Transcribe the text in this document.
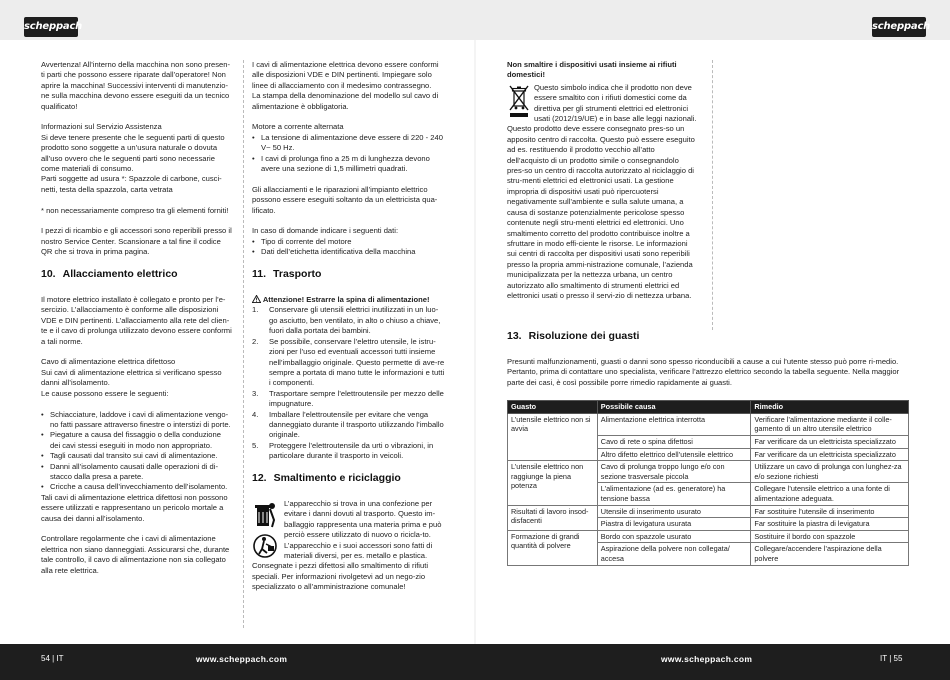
scheppach	scheppach

Avvertenza! All’interno della macchina non sono presen-ti parti che possono essere riparate dall’operatore! Non aprire la macchina! Successivi interventi di manutenzio-ne sulla macchina devono essere eseguiti da un tecnico qualificato!

Informazioni sul Servizio Assistenza
Si deve tenere presente che le seguenti parti di questo prodotto sono soggette a un’usura naturale o dovuta all’uso ovvero che le seguenti parti sono necessarie come materiali di consumo.

Parti soggette ad usura *: Spazzole di carbone, cusci-netti, testa della spazzola, carta vetrata

* non necessariamente compreso tra gli elementi forniti!

I pezzi di ricambio e gli accessori sono reperibili presso il nostro Service Center. Scansionare a tal fine il codice QR che si trova in prima pagina.

10. Allacciamento elettrico

Il motore elettrico installato è collegato e pronto per l’e-sercizio. L’allacciamento è conforme alle disposizioni VDE e DIN pertinenti. L’allacciamento alla rete del clien-te e il cavo di prolunga utilizzato devono essere conformi a tali norme.

Cavo di alimentazione elettrica difettoso
Sui cavi di alimentazione elettrica si verificano spesso danni all’isolamento.

Le cause possono essere le seguenti:

• Schiacciature, laddove i cavi di alimentazione vengo-no fatti passare attraverso finestre o interstizi di porte.
• Piegature a causa del fissaggio o della conduzione dei cavi stessi eseguiti in modo non appropriato.
• Tagli causati dal transito sui cavi di alimentazione.
• Danni all’isolamento causati dalle operazioni di di-stacco dalla presa a parete.
• Cricche a causa dell’invecchiamento dell’isolamento.

Tali cavi di alimentazione elettrica difettosi non possono essere utilizzati e rappresentano un pericolo mortale a causa dei danni all’isolamento.

Controllare regolarmente che i cavi di alimentazione elettrica non siano danneggiati. Assicurarsi che, durante tale controllo, il cavo di alimentazione non sia collegato alla rete elettrica.

I cavi di alimentazione elettrica devono essere conformi alle disposizioni VDE e DIN pertinenti. Impiegare solo linee di allacciamento con il medesimo contrassegno.

La stampa della denominazione del modello sul cavo di alimentazione è obbligatoria.

Motore a corrente alternata
• La tensione di alimentazione deve essere di 220 - 240 V~ 50 Hz.
• I cavi di prolunga fino a 25 m di lunghezza devono avere una sezione di 1,5 millimetri quadrati.

Gli allacciamenti e le riparazioni all’impianto elettrico possono essere eseguiti soltanto da un elettricista qua-lificato.

In caso di domande indicare i seguenti dati:
• Tipo di corrente del motore
• Dati dell’etichetta identificativa della macchina
11. Trasporto
Attenzione! Estrarre la spina di alimentazione!
1. Conservare gli utensili elettrici inutilizzati in un luo-go asciutto, ben ventilato, in alto o chiuso a chiave, fuori dalla portata dei bambini.
2. Se possibile, conservare l’elettro utensile, le istru-zioni per l’uso ed eventuali accessori tutti insieme nell’imballaggio originale. Questo permette di ave-re sempre a portata di mano tutte le informazioni e tutti i componenti.
3. Trasportare sempre l’elettroutensile per mezzo delle impugnature.
4. Imballare l’elettroutensile per evitare che venga danneggiato durante il trasporto utilizzando l’imballo originale.
5. Proteggere l’elettroutensile da urti o vibrazioni, in particolare durante il trasporto in veicoli.
12. Smaltimento e riciclaggio
L’apparecchio si trova in una confezione per evitare i danni dovuti al trasporto. Questo im-ballaggio rappresenta una materia prima e può perciò essere utilizzato di nuovo o ricicla-to. L’apparecchio e i suoi accessori sono fatti di materiali diversi, per es. metallo e plastica. Consegnate i pezzi difettosi allo smaltimento di rifiuti speciali. Per informazioni rivolgetevi ad un nego-zio specializzato o all’amministrazione comunale!
Non smaltire i dispositivi usati insieme ai rifiuti domestici!
Questo simbolo indica che il prodotto non deve essere smaltito con i rifiuti domestici come da direttiva per gli strumenti elettrici ed elettronici usati (2012/19/UE) e in base alle leggi nazionali. Questo prodotto deve essere consegnato pres-so un apposito centro di raccolta. Questo può essere eseguito ad es. restituendo il prodotto vecchio all’atto dell’acquisto di un prodotto simile o consegnandolo pres-so un centro di raccolta autorizzato al riciclaggio di stru-menti elettrici ed elettronici usati. La gestione impropria di dispositivi usati può ripercuotersi negativamente sull’ambiente e sulla salute umana, a causa di sostanze potenzialmente pericolose spesso contenute negli stru-menti elettrici ed elettronici. Uno smaltimento corretto del prodotto contribuisce inoltre a sfruttare in modo effi-ciente le risorse. Le informazioni sui centri di raccolta per dispositivi usati sono reperibili presso la propria ammi-nistrazione comunale, l’azienda municipalizzata per la nettezza urbana, un centro autorizzato allo smaltimento di strumenti elettrici ed elettronici usati o presso il servi-zio di nettezza urbana.
13. Risoluzione dei guasti

Presunti malfunzionamenti, guasti o danni sono spesso riconducibili a cause a cui l’utente stesso può porre ri-medio. Pertanto, prima di contattare uno specialista, verificare l’attrezzo elettrico secondo la tabella seguente. Nella maggior parte dei casi, è così possibile porre rimedio rapidamente ai guasti.

Guasto	Possibile causa	Rimedio
L’utensile elettrico non si avvia	Alimentazione elettrica interrotta	Verificare l’alimentazione mediante il colle-gamento di un altro utensile elettrico
	Cavo di rete o spina difettosi	Far verificare da un elettricista specializzato
	Altro difetto elettrico dell’utensile elettrico	Far verificare da un elettricista specializzato
L’utensile elettrico non raggiunge la piena potenza	Cavo di prolunga troppo lungo e/o con sezione trasversale piccola	Utilizzare un cavo di prolunga con lunghez-za e/o sezione richiesti
	L’alimentazione (ad es. generatore) ha tensione bassa	Collegare l’utensile elettrico a una fonte di alimentazione adeguata.
Risultati di lavoro insod-disfacenti	Utensile di inserimento usurato	Far sostituire l’utensile di inserimento
	Piastra di levigatura usurata	Far sostituire la piastra di levigatura
Formazione di grandi quantità di polvere	Bordo con spazzole usurato	Sostituire il bordo con spazzole
	Aspirazione della polvere non collegata/ accesa	Collegare/accendere l’aspirazione della polvere
54 | IT	www.scheppach.com	www.scheppach.com	IT | 55
